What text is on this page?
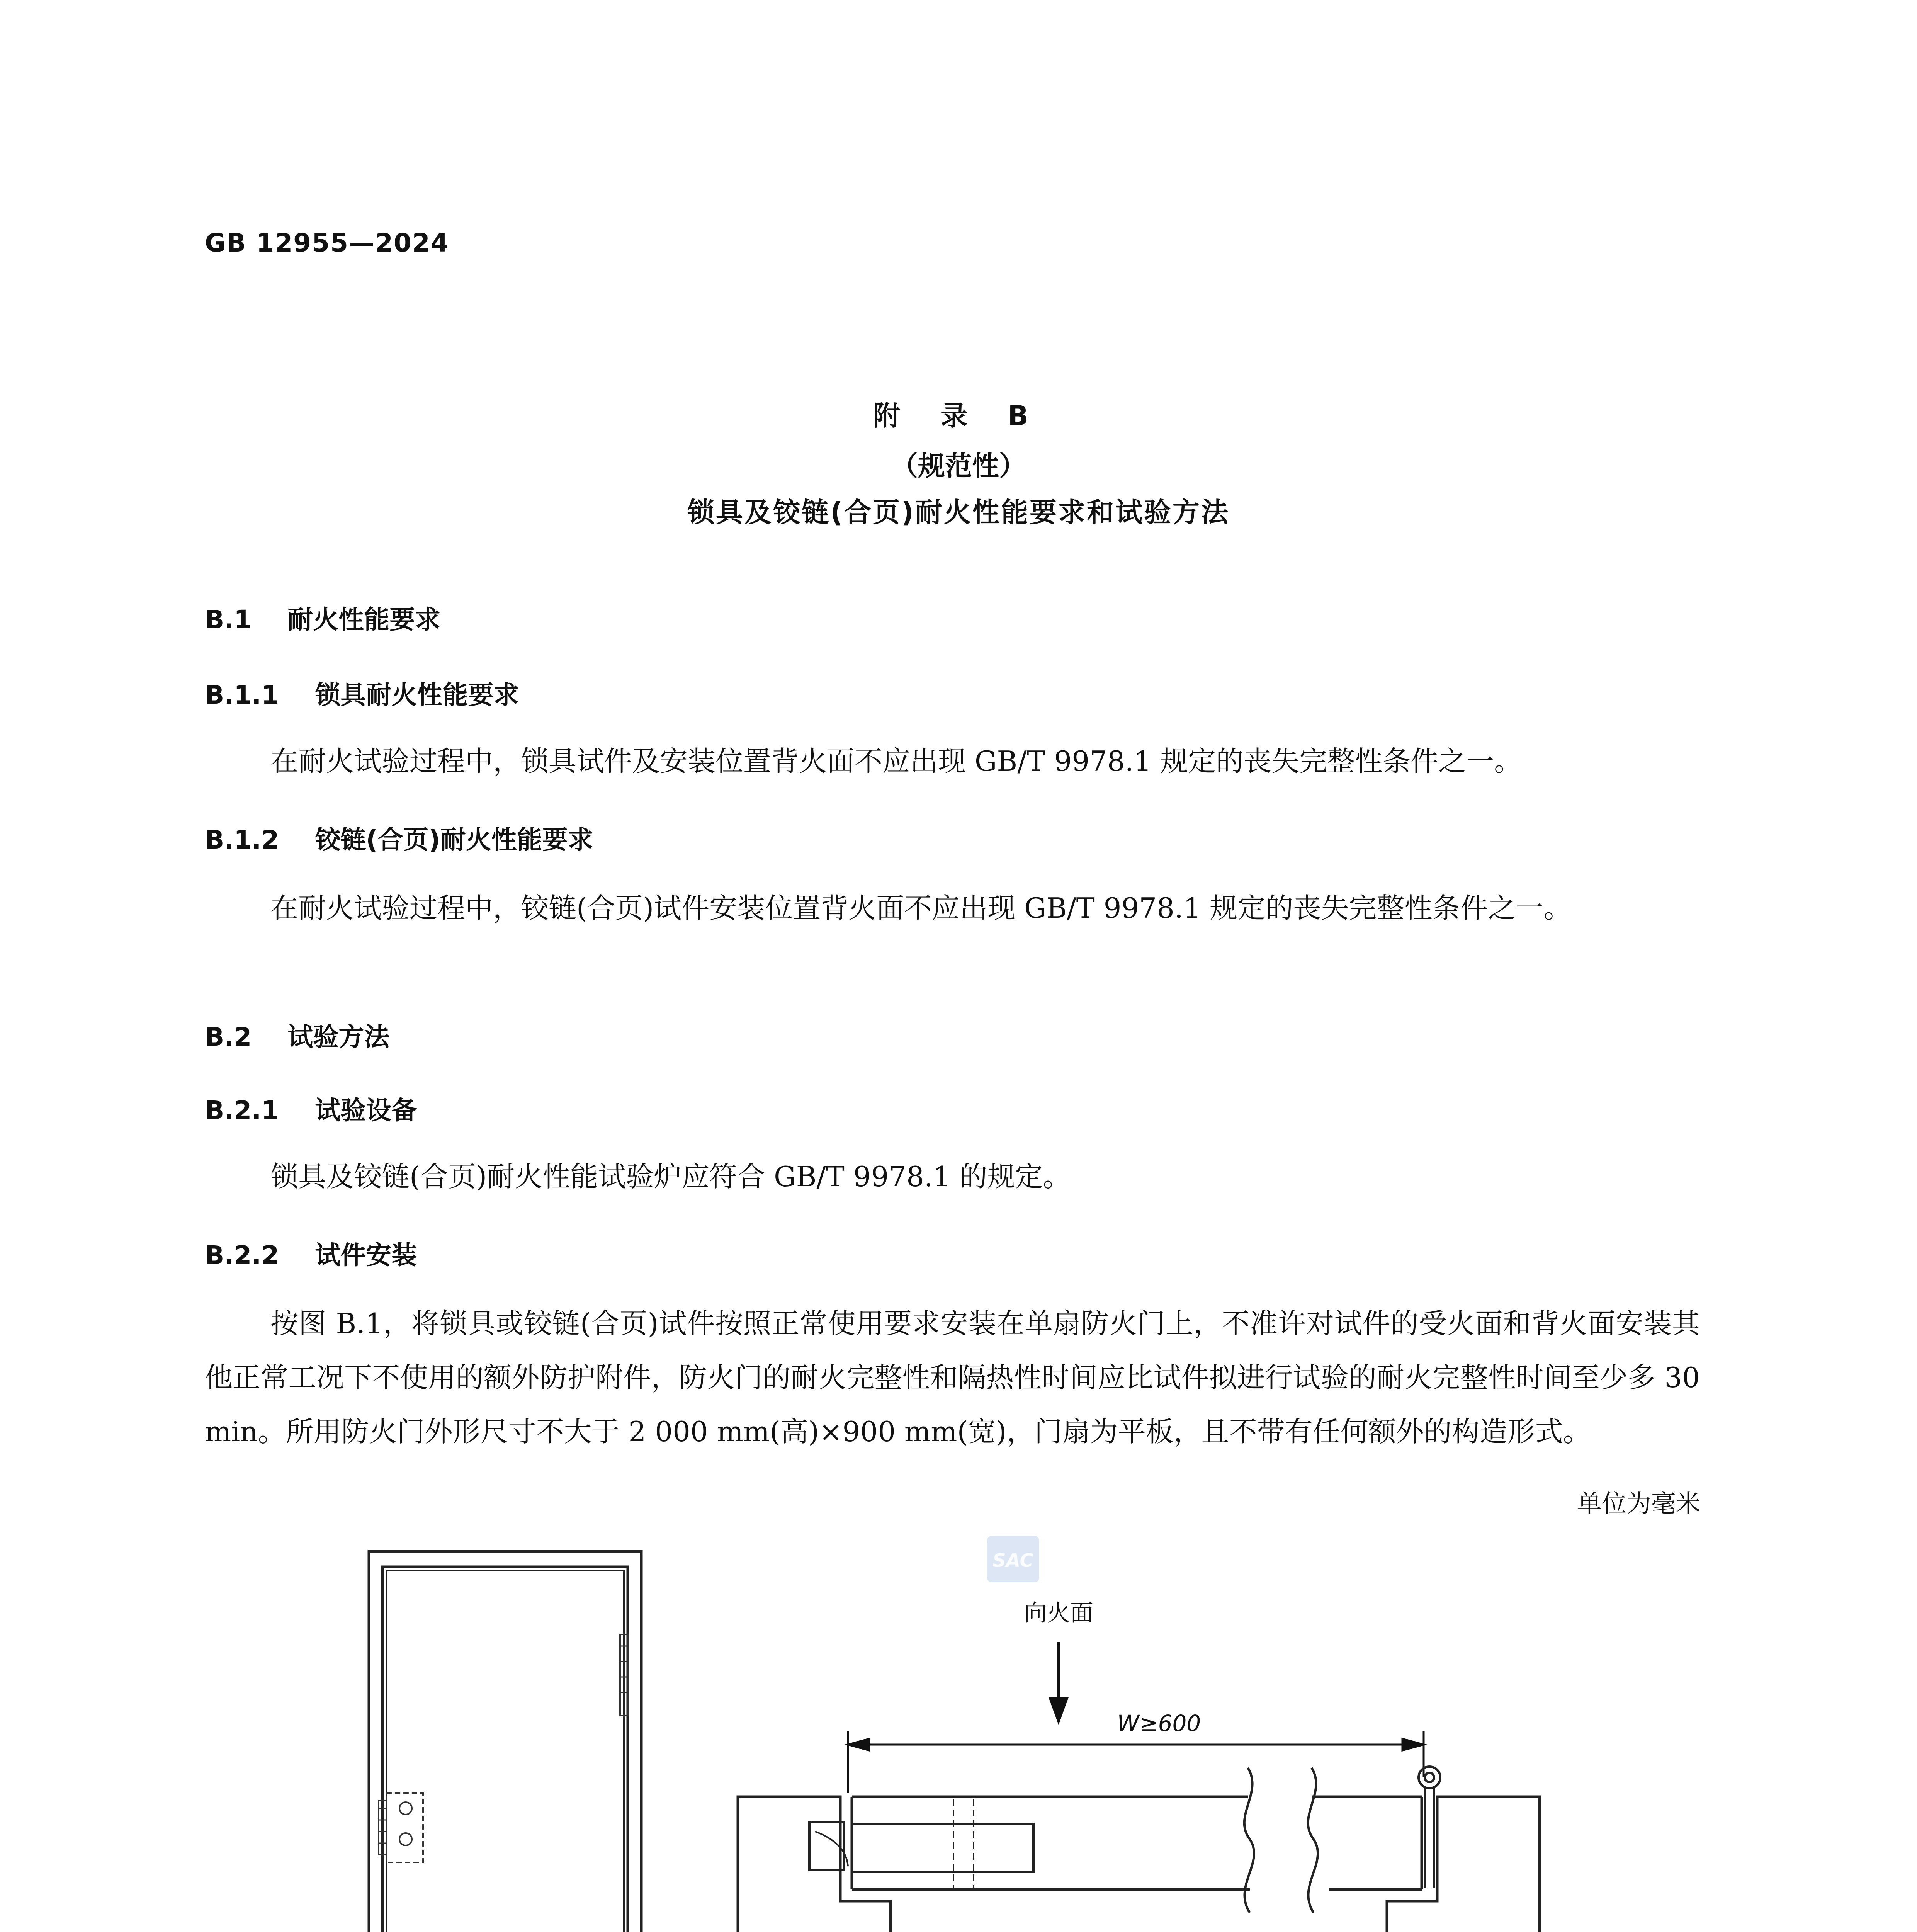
GB 12955—2024
附 录 B
（规范性）
锁具及铰链(合页)耐火性能要求和试验方法
B.1 耐火性能要求
B.1.1 锁具耐火性能要求
在耐火试验过程中，锁具试件及安装位置背火面不应出现 GB/T 9978.1 规定的丧失完整性条件之一。
B.1.2 铰链(合页)耐火性能要求
在耐火试验过程中，铰链(合页)试件安装位置背火面不应出现 GB/T 9978.1 规定的丧失完整性条件之一。
B.2 试验方法
B.2.1 试验设备
锁具及铰链(合页)耐火性能试验炉应符合 GB/T 9978.1 的规定。
B.2.2 试件安装
按图 B.1，将锁具或铰链(合页)试件按照正常使用要求安装在单扇防火门上，不准许对试件的受火面和背火面安装其他正常工况下不使用的额外防护附件，防火门的耐火完整性和隔热性时间应比试件拟进行试验的耐火完整性时间至少多 30 min。所用防火门外形尺寸不大于 2 000 mm(高)×900 mm(宽)，门扇为平板，且不带有任何额外的构造形式。
单位为毫米
SAC
向火面
W≥600
